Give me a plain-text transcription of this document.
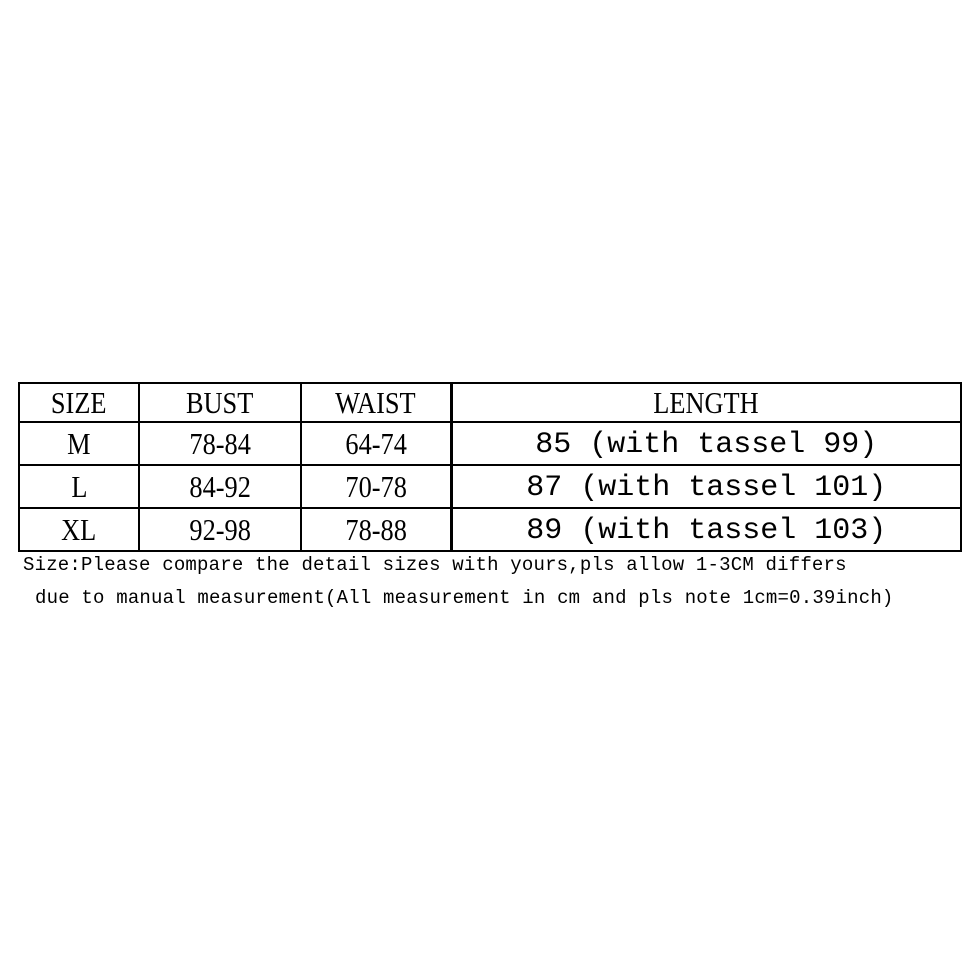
SIZE	BUST	WAIST	LENGTH
M	78-84	64-74	85 (with tassel 99)
L	84-92	70-78	87 (with tassel 101)
XL	92-98	78-88	89 (with tassel 103)
Size:Please compare the detail sizes with yours,pls allow 1-3CM differs
due to manual measurement(All measurement in cm and pls note 1cm=0.39inch)
